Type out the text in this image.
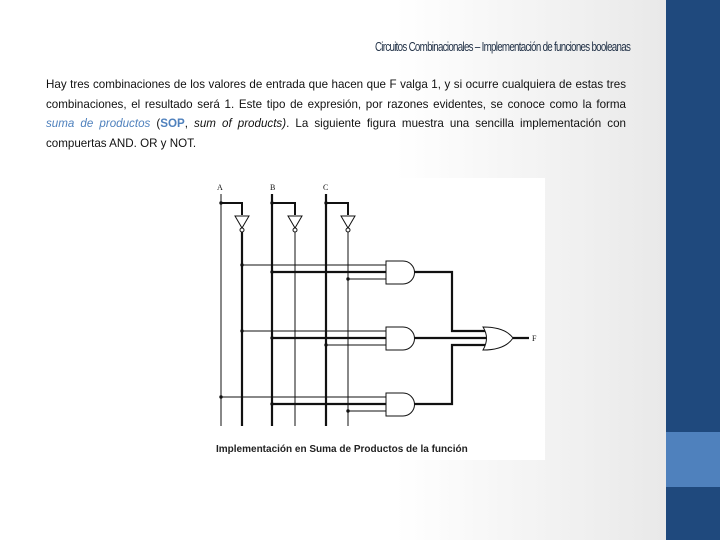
Circuitos Combinacionales – Implementación de funciones booleanas
Hay tres combinaciones de los valores de entrada que hacen que F valga 1, y si ocurre cualquiera de estas tres combinaciones, el resultado será 1. Este tipo de expresión, por razones evidentes, se conoce como la forma suma de productos (SOP, sum of products). La siguiente figura muestra una sencilla implementación con compuertas AND. OR y NOT.
A	B	C
F
Implementación en Suma de Productos de la función
